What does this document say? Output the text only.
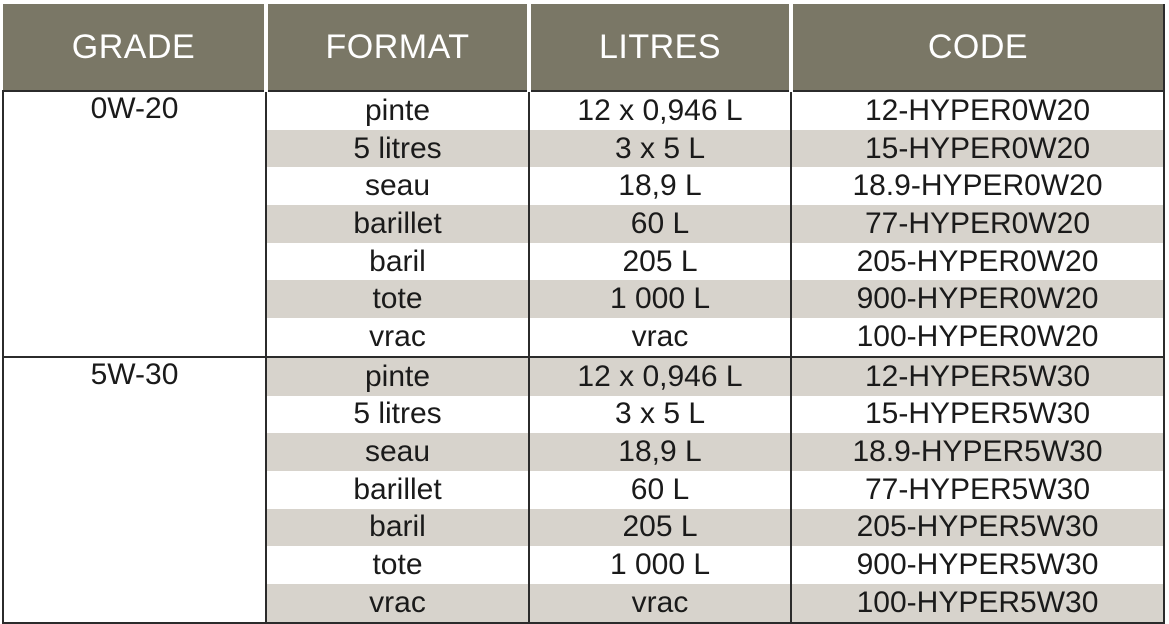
GRADE	FORMAT	LITRES	CODE
0W-20	pinte	12 x 0,946 L	12-HYPER0W20
	5 litres	3 x 5 L	15-HYPER0W20
	seau	18,9 L	18.9-HYPER0W20
	barillet	60 L	77-HYPER0W20
	baril	205 L	205-HYPER0W20
	tote	1 000 L	900-HYPER0W20
	vrac	vrac	100-HYPER0W20
5W-30	pinte	12 x 0,946 L	12-HYPER5W30
	5 litres	3 x 5 L	15-HYPER5W30
	seau	18,9 L	18.9-HYPER5W30
	barillet	60 L	77-HYPER5W30
	baril	205 L	205-HYPER5W30
	tote	1 000 L	900-HYPER5W30
	vrac	vrac	100-HYPER5W30
